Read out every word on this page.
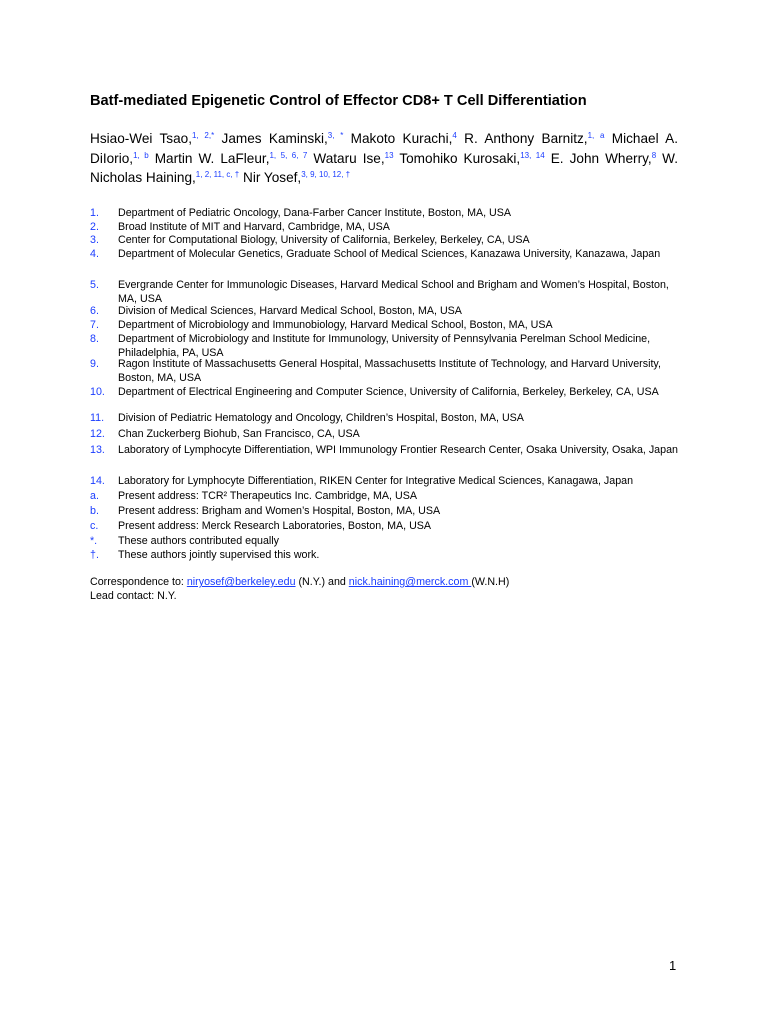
Batf-mediated Epigenetic Control of Effector CD8+ T Cell Differentiation
Hsiao-Wei Tsao,$^{1, 2,*}$ James Kaminski,$^{3, *}$ Makoto Kurachi,$^4$ R. Anthony Barnitz,$^{1, a}$ Michael A. DiIorio,$^{1, b}$ Martin W. LaFleur,$^{1, 5, 6, 7}$ Wataru Ise,$^{13}$ Tomohiko Kurosaki,$^{13, 14}$ E. John Wherry,$^8$ W. Nicholas Haining,$^{1, 2, 11, c, \dagger}$ Nir Yosef,$^{3, 9, 10, 12, \dagger}$
1. Department of Pediatric Oncology, Dana-Farber Cancer Institute, Boston, MA, USA
2. Broad Institute of MIT and Harvard, Cambridge, MA, USA
3. Center for Computational Biology, University of California, Berkeley, Berkeley, CA, USA
4. Department of Molecular Genetics, Graduate School of Medical Sciences, Kanazawa University, Kanazawa, Japan
5. Evergrande Center for Immunologic Diseases, Harvard Medical School and Brigham and Women’s Hospital, Boston, MA, USA
6. Division of Medical Sciences, Harvard Medical School, Boston, MA, USA
7. Department of Microbiology and Immunobiology, Harvard Medical School, Boston, MA, USA
8. Department of Microbiology and Institute for Immunology, University of Pennsylvania Perelman School Medicine, Philadelphia, PA, USA
9. Ragon Institute of Massachusetts General Hospital, Massachusetts Institute of Technology, and Harvard University, Boston, MA, USA
10. Department of Electrical Engineering and Computer Science, University of California, Berkeley, Berkeley, CA, USA
11. Division of Pediatric Hematology and Oncology, Children’s Hospital, Boston, MA, USA
12. Chan Zuckerberg Biohub, San Francisco, CA, USA
13. Laboratory of Lymphocyte Differentiation, WPI Immunology Frontier Research Center, Osaka University, Osaka, Japan
14. Laboratory for Lymphocyte Differentiation, RIKEN Center for Integrative Medical Sciences, Kanagawa, Japan
a. Present address: TCR² Therapeutics Inc. Cambridge, MA, USA
b. Present address: Brigham and Women’s Hospital, Boston, MA, USA
c. Present address: Merck Research Laboratories, Boston, MA, USA
*. These authors contributed equally
†. These authors jointly supervised this work.
Correspondence to: niryosef@berkeley.edu (N.Y.) and nick.haining@merck.com (W.N.H)
Lead contact: N.Y.
1
